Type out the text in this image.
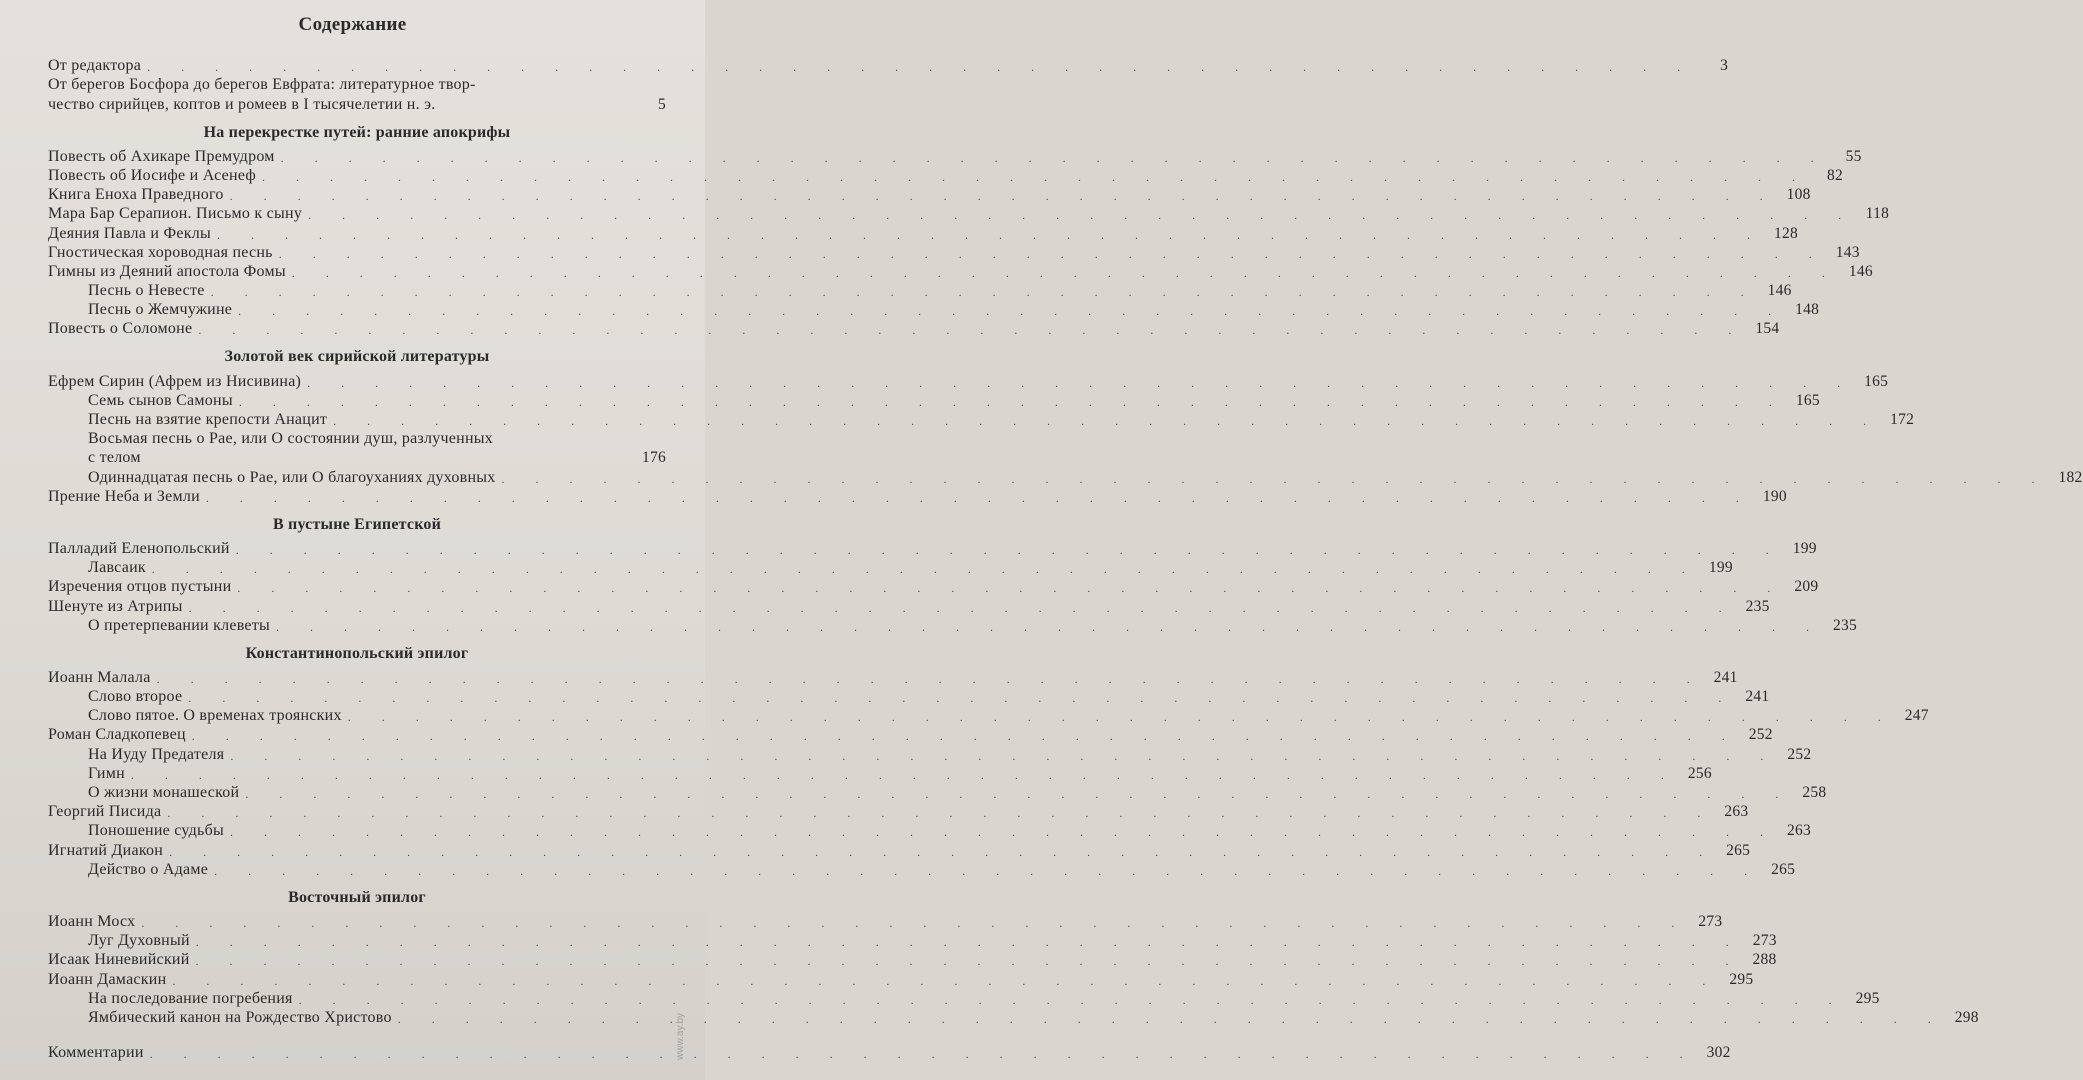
Содержание
От редактора . . . . . . . . . . . . . . . . . . . . . . . . . . . . . . . . . . . . . . . . . . . . . .	3
От берегов Босфора до берегов Евфрата: литературное твор-
чество сирийцев, коптов и ромеев в I тысячелетии н. э.	5
На перекрестке путей: ранние апокрифы
Повесть об Ахикаре Премудром . . . . . . . . . . . . . . . . . . . . . . . . . . . . . . . . . . . . . . . . . . . . . .	55
Повесть об Иосифе и Асенеф . . . . . . . . . . . . . . . . . . . . . . . . . . . . . . . . . . . . . . . . . . . . . .	82
Книга Еноха Праведного . . . . . . . . . . . . . . . . . . . . . . . . . . . . . . . . . . . . . . . . . . . . . . 108
Мара Бар Серапион. Письмо к сыну . . . . . . . . . . . . . . . . . . . . . . . . . . . . . . . . . . . . . . . . . . . . . . 118
Деяния Павла и Феклы . . . . . . . . . . . . . . . . . . . . . . . . . . . . . . . . . . . . . . . . . . . . . . 128
Гностическая хороводная песнь . . . . . . . . . . . . . . . . . . . . . . . . . . . . . . . . . . . . . . . . . . . . . . 143
Гимны из Деяний апостола Фомы . . . . . . . . . . . . . . . . . . . . . . . . . . . . . . . . . . . . . . . . . . . . . . 146
Песнь о Невесте . . . . . . . . . . . . . . . . . . . . . . . . . . . . . . . . . . . . . . . . . . . . . . 146
Песнь о Жемчужине . . . . . . . . . . . . . . . . . . . . . . . . . . . . . . . . . . . . . . . . . . . . . . 148
Повесть о Соломоне . . . . . . . . . . . . . . . . . . . . . . . . . . . . . . . . . . . . . . . . . . . . . . 154
Золотой век сирийской литературы
Ефрем Сирин (Афрем из Нисивина) . . . . . . . . . . . . . . . . . . . . . . . . . . . . . . . . . . . . . . . . . . . . . . 165
Семь сынов Самоны . . . . . . . . . . . . . . . . . . . . . . . . . . . . . . . . . . . . . . . . . . . . . . 165
Песнь на взятие крепости Анацит . . . . . . . . . . . . . . . . . . . . . . . . . . . . . . . . . . . . . . . . . . . . . . 172
Восьмая песнь о Рае, или О состоянии душ, разлученных
с телом	176
Одиннадцатая песнь о Рае, или О благоуханиях духовных . . . . . . . . . . . . . . . . . . . . . . . . . . . . . . . . . . . . . . . . . . . . . . 182
Прение Неба и Земли . . . . . . . . . . . . . . . . . . . . . . . . . . . . . . . . . . . . . . . . . . . . . . 190
В пустыне Египетской
Палладий Еленопольский . . . . . . . . . . . . . . . . . . . . . . . . . . . . . . . . . . . . . . . . . . . . . . 199
Лавсаик . . . . . . . . . . . . . . . . . . . . . . . . . . . . . . . . . . . . . . . . . . . . . . 199
Изречения отцов пустыни . . . . . . . . . . . . . . . . . . . . . . . . . . . . . . . . . . . . . . . . . . . . . . 209
Шенуте из Атрипы . . . . . . . . . . . . . . . . . . . . . . . . . . . . . . . . . . . . . . . . . . . . . . 235
О претерпевании клеветы . . . . . . . . . . . . . . . . . . . . . . . . . . . . . . . . . . . . . . . . . . . . . . 235
Константинопольский эпилог
Иоанн Малала . . . . . . . . . . . . . . . . . . . . . . . . . . . . . . . . . . . . . . . . . . . . . . 241
Слово второе . . . . . . . . . . . . . . . . . . . . . . . . . . . . . . . . . . . . . . . . . . . . . . 241
Слово пятое. О временах троянских . . . . . . . . . . . . . . . . . . . . . . . . . . . . . . . . . . . . . . . . . . . . . . 247
Роман Сладкопевец . . . . . . . . . . . . . . . . . . . . . . . . . . . . . . . . . . . . . . . . . . . . . . 252
На Иуду Предателя . . . . . . . . . . . . . . . . . . . . . . . . . . . . . . . . . . . . . . . . . . . . . . 252
Гимн . . . . . . . . . . . . . . . . . . . . . . . . . . . . . . . . . . . . . . . . . . . . . . 256
О жизни монашеской . . . . . . . . . . . . . . . . . . . . . . . . . . . . . . . . . . . . . . . . . . . . . . 258
Георгий Писида . . . . . . . . . . . . . . . . . . . . . . . . . . . . . . . . . . . . . . . . . . . . . . 263
Поношение судьбы . . . . . . . . . . . . . . . . . . . . . . . . . . . . . . . . . . . . . . . . . . . . . . 263
Игнатий Диакон . . . . . . . . . . . . . . . . . . . . . . . . . . . . . . . . . . . . . . . . . . . . . . 265
Действо о Адаме . . . . . . . . . . . . . . . . . . . . . . . . . . . . . . . . . . . . . . . . . . . . . . 265
Восточный эпилог
Иоанн Мосх . . . . . . . . . . . . . . . . . . . . . . . . . . . . . . . . . . . . . . . . . . . . . . 273
Луг Духовный . . . . . . . . . . . . . . . . . . . . . . . . . . . . . . . . . . . . . . . . . . . . . . 273
Исаак Ниневийский . . . . . . . . . . . . . . . . . . . . . . . . . . . . . . . . . . . . . . . . . . . . . . 288
Иоанн Дамаскин . . . . . . . . . . . . . . . . . . . . . . . . . . . . . . . . . . . . . . . . . . . . . . 295
На последование погребения . . . . . . . . . . . . . . . . . . . . . . . . . . . . . . . . . . . . . . . . . . . . . . 295
Ямбический канон на Рождество Христово . . . . . . . . . . . . . . . . . . . . . . . . . . . . . . . . . . . . . . . . . . . . . . 298
Комментарии . . . . . . . . . . . . . . . . . . . . . . . . . . . . . . . . . . . . . . . . . . . . . . 302
www.ay.by
